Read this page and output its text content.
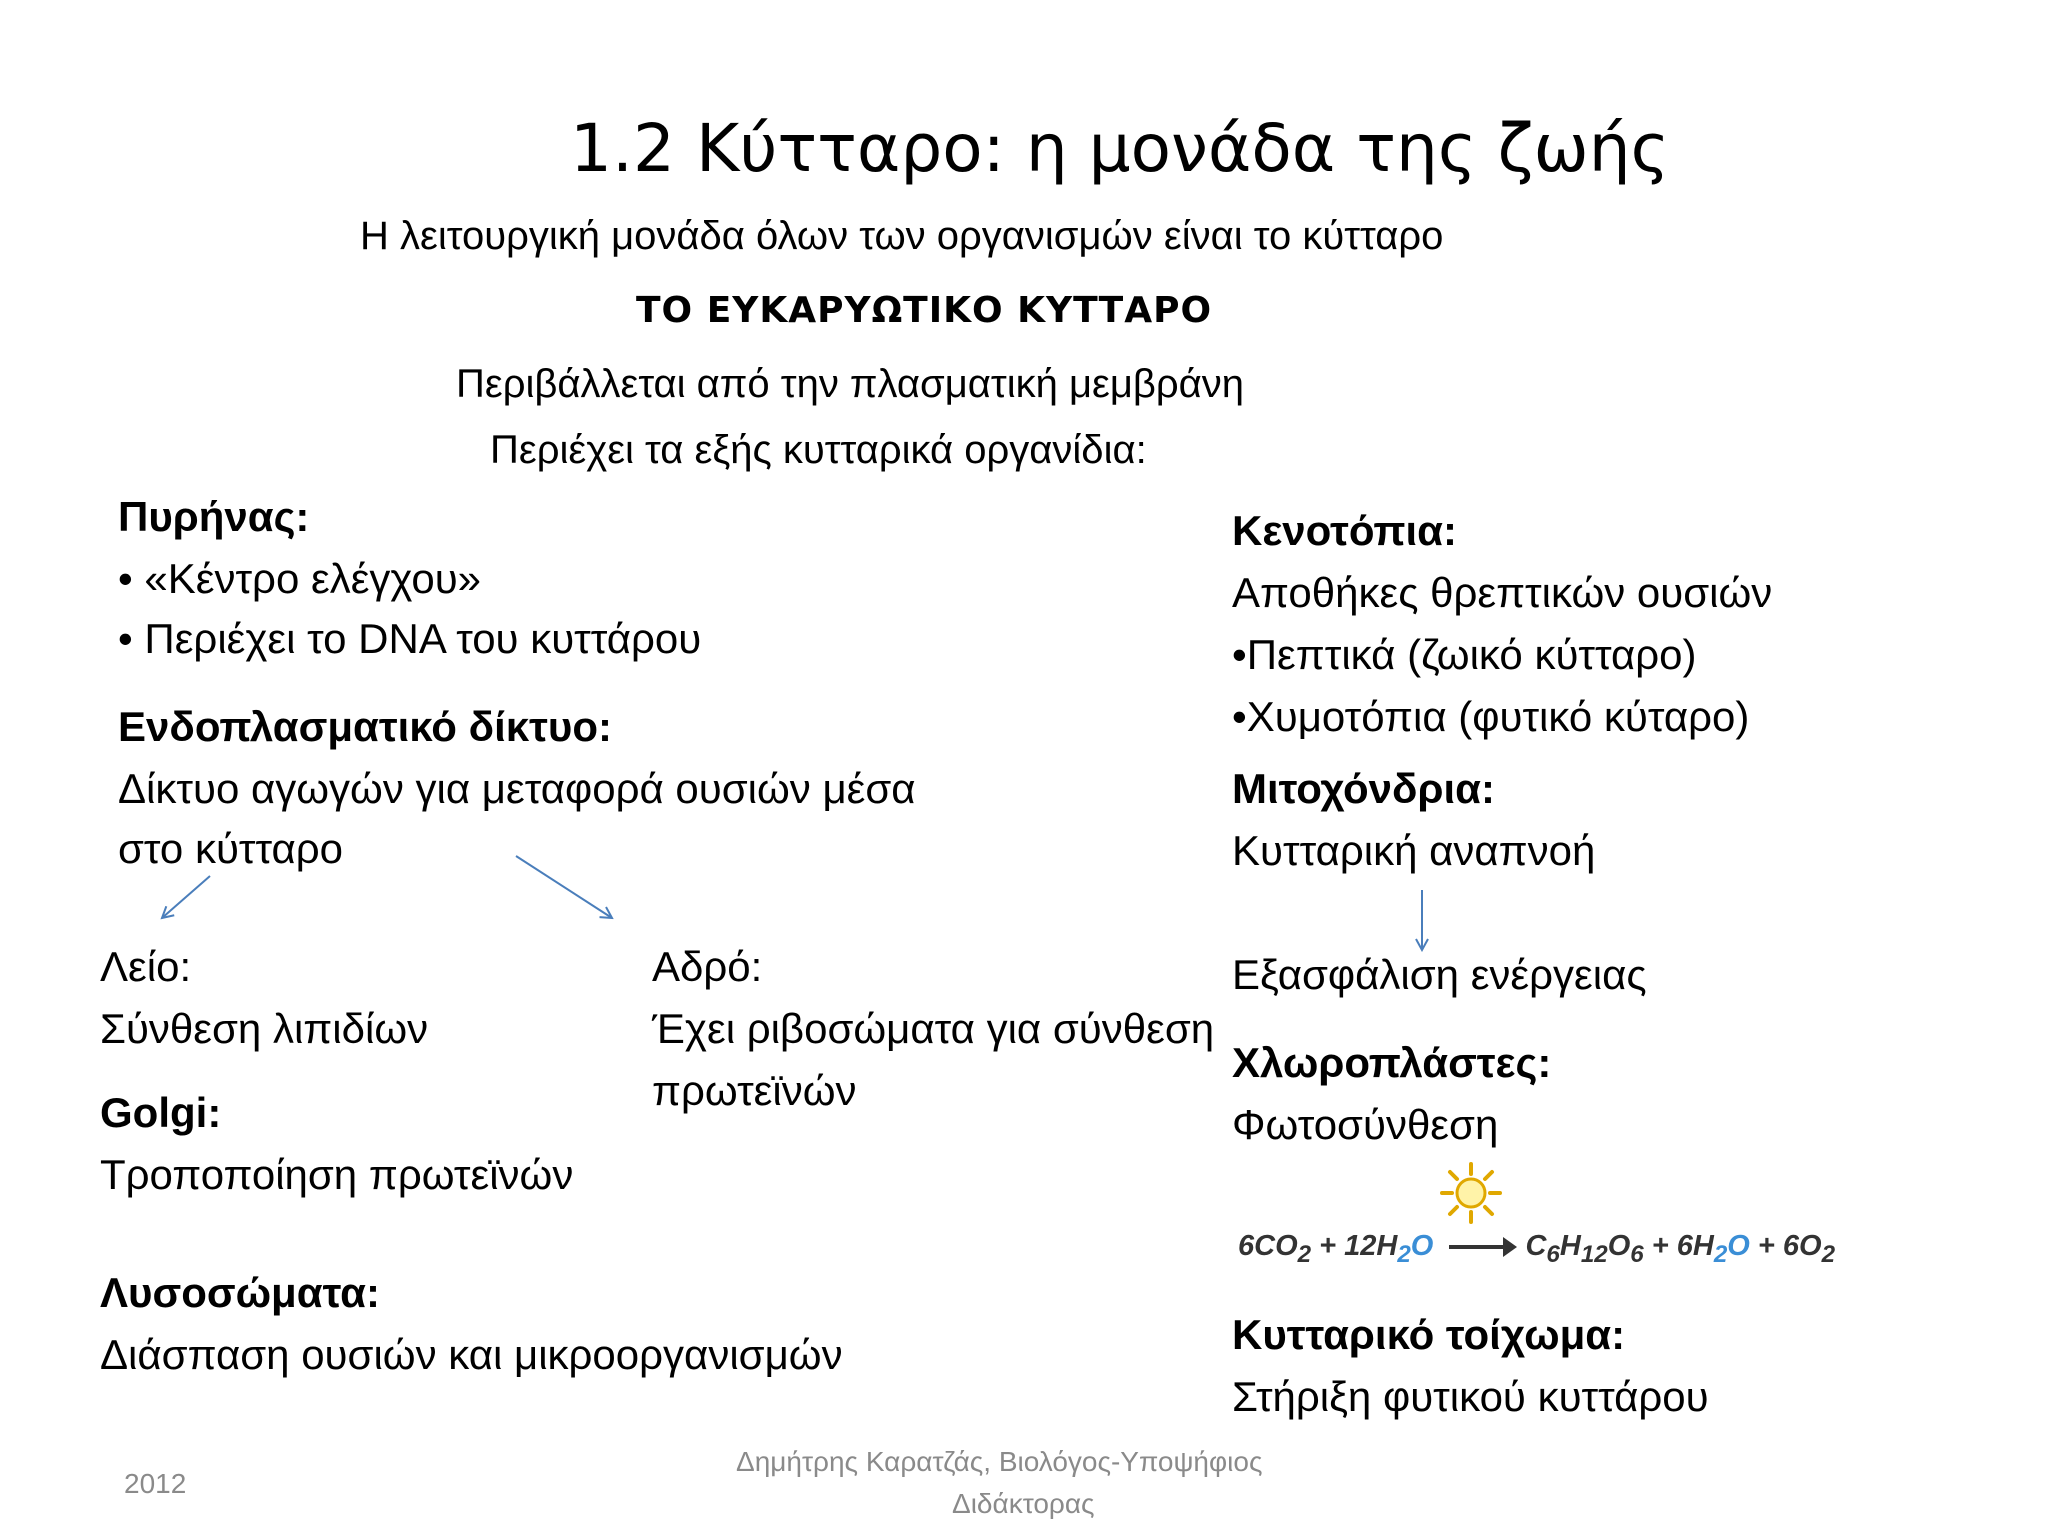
1.2 Κύτταρο: η μονάδα της ζωής
Η λειτουργική μονάδα όλων των οργανισμών είναι το κύτταρο
ΤΟ ΕΥΚΑΡΥΩΤΙΚΟ ΚΥΤΤΑΡΟ
Περιβάλλεται από την πλασματική μεμβράνη
Περιέχει τα εξής κυτταρικά οργανίδια:
Πυρήνας:
• «Κέντρο ελέγχου»
• Περιέχει το DNA του κυττάρου
Ενδοπλασματικό δίκτυο:
Δίκτυο αγωγών για μεταφορά ουσιών μέσα
στο κύτταρο
Λείο:
Σύνθεση λιπιδίων
Αδρό:
Έχει ριβοσώματα για σύνθεση
πρωτεϊνών
Golgi:
Τροποποίηση πρωτεϊνών
Λυσοσώματα:
Διάσπαση ουσιών και μικροοργανισμών
Κενοτόπια:
Αποθήκες θρεπτικών ουσιών
•Πεπτικά (ζωικό κύτταρο)
•Χυμοτόπια (φυτικό κύταρο)
Μιτοχόνδρια:
Κυτταρική αναπνοή
Εξασφάλιση ενέργειας
Χλωροπλάστες:
Φωτοσύνθεση
$6CO_2 + 12H_2O \to C_6H_{12}O_6 + 6H_2O + 6O_2$
Κυτταρικό τοίχωμα:
Στήριξη φυτικού κυττάρου
2012
Δημήτρης Καρατζάς, Βιολόγος-Υποψήφιος
Διδάκτορας
